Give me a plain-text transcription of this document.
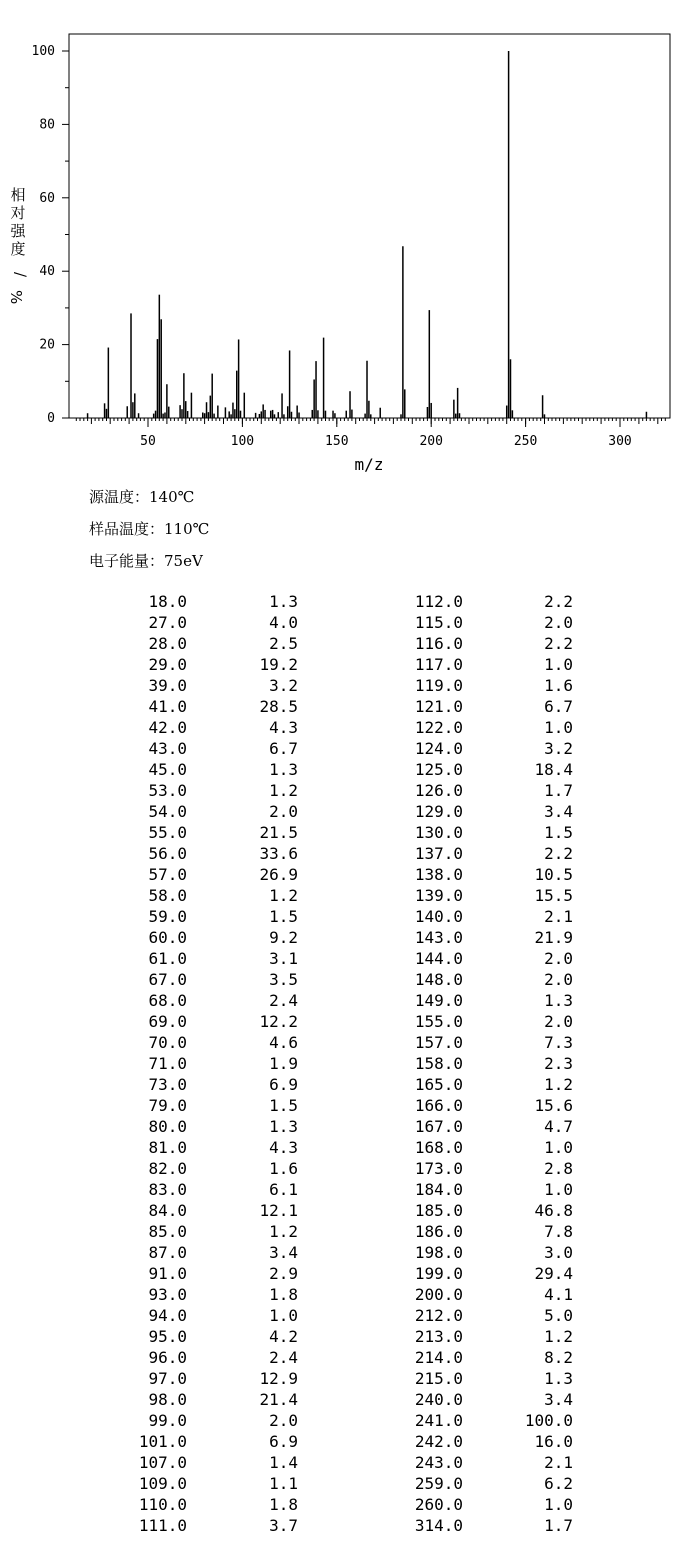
50	100	150	200	250	300
0
20
40
60
80
100
m/z
相对强度/ %
源温度：140℃
样品温度：110℃
电子能量：75eV
18.0	1.3	112.0	2.2
27.0	4.0	115.0	2.0
28.0	2.5	116.0	2.2
29.0	19.2	117.0	1.0
39.0	3.2	119.0	1.6
41.0	28.5	121.0	6.7
42.0	4.3	122.0	1.0
43.0	6.7	124.0	3.2
45.0	1.3	125.0	18.4
53.0	1.2	126.0	1.7
54.0	2.0	129.0	3.4
55.0	21.5	130.0	1.5
56.0	33.6	137.0	2.2
57.0	26.9	138.0	10.5
58.0	1.2	139.0	15.5
59.0	1.5	140.0	2.1
60.0	9.2	143.0	21.9
61.0	3.1	144.0	2.0
67.0	3.5	148.0	2.0
68.0	2.4	149.0	1.3
69.0	12.2	155.0	2.0
70.0	4.6	157.0	7.3
71.0	1.9	158.0	2.3
73.0	6.9	165.0	1.2
79.0	1.5	166.0	15.6
80.0	1.3	167.0	4.7
81.0	4.3	168.0	1.0
82.0	1.6	173.0	2.8
83.0	6.1	184.0	1.0
84.0	12.1	185.0	46.8
85.0	1.2	186.0	7.8
87.0	3.4	198.0	3.0
91.0	2.9	199.0	29.4
93.0	1.8	200.0	4.1
94.0	1.0	212.0	5.0
95.0	4.2	213.0	1.2
96.0	2.4	214.0	8.2
97.0	12.9	215.0	1.3
98.0	21.4	240.0	3.4
99.0	2.0	241.0	100.0
101.0	6.9	242.0	16.0
107.0	1.4	243.0	2.1
109.0	1.1	259.0	6.2
110.0	1.8	260.0	1.0
111.0	3.7	314.0	1.7
